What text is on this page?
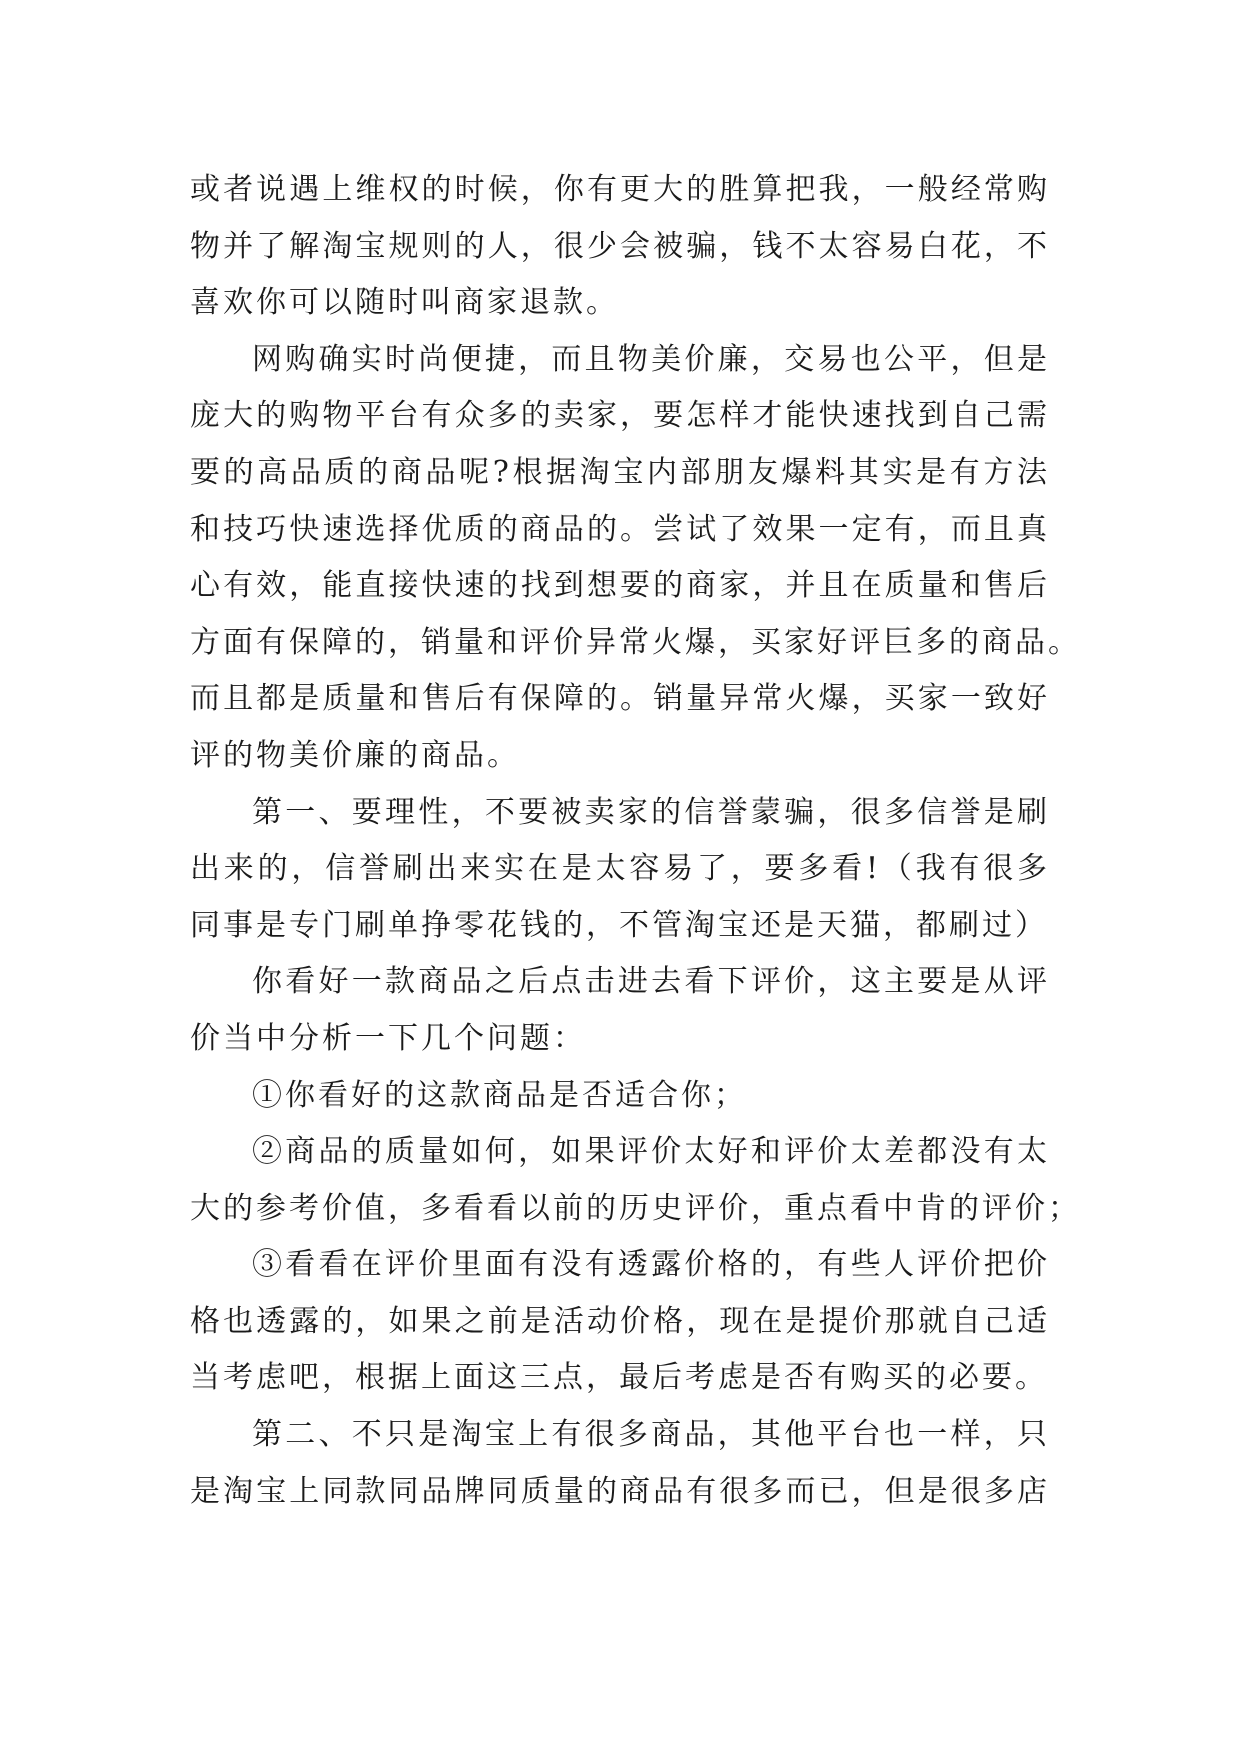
或者说遇上维权的时候，你有更大的胜算把我，一般经常购
物并了解淘宝规则的人，很少会被骗，钱不太容易白花，不
喜欢你可以随时叫商家退款。

网购确实时尚便捷，而且物美价廉，交易也公平，但是
庞大的购物平台有众多的卖家，要怎样才能快速找到自己需
要的高品质的商品呢?根据淘宝内部朋友爆料其实是有方法
和技巧快速选择优质的商品的。尝试了效果一定有，而且真
心有效，能直接快速的找到想要的商家，并且在质量和售后
方面有保障的，销量和评价异常火爆，买家好评巨多的商品。
而且都是质量和售后有保障的。销量异常火爆，买家一致好
评的物美价廉的商品。

第一、要理性，不要被卖家的信誉蒙骗，很多信誉是刷
出来的，信誉刷出来实在是太容易了，要多看!（我有很多
同事是专门刷单挣零花钱的，不管淘宝还是天猫，都刷过）

你看好一款商品之后点击进去看下评价，这主要是从评
价当中分析一下几个问题：

①你看好的这款商品是否适合你；

②商品的质量如何，如果评价太好和评价太差都没有太
大的参考价值，多看看以前的历史评价，重点看中肯的评价；

③看看在评价里面有没有透露价格的，有些人评价把价
格也透露的，如果之前是活动价格，现在是提价那就自己适
当考虑吧，根据上面这三点，最后考虑是否有购买的必要。

第二、不只是淘宝上有很多商品，其他平台也一样，只
是淘宝上同款同品牌同质量的商品有很多而已，但是很多店
